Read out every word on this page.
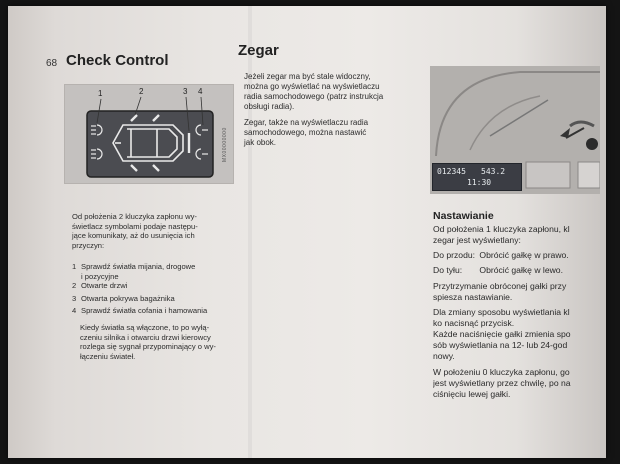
68 Check Control
1	2	3 4
MX00000000

Od położenia 2 kluczyka zapłonu wy-

świetlacz symbolami podaje następu-

jące komunikaty, aż do usunięcia ich

przyczyn:

1 Sprawdź światła mijania, drogowe
i pozycyjne
2 Otwarte drzwi
3 Otwarta pokrywa bagażnika
4 Sprawdź światła cofania i hamowania

Kiedy światła są włączone, to po wyłą-

czeniu silnika i otwarciu drzwi kierowcy

rozlega się sygnał przypominający o wy-

łączeniu świateł.

Zegar

Jeżeli zegar ma być stale widoczny,

można go wyświetlać na wyświetlaczu

radia samochodowego (patrz instrukcja

obsługi radia).

Zegar, także na wyświetlaczu radia

samochodowego, można nastawić

jak obok.

012345 543.2
11:30
Nastawianie
Od położenia 1 kluczyka zapłonu, kl
zegar jest wyświetlany:
Do przodu: Obrócić gałkę w prawo.
Do tyłu: Obrócić gałkę w lewo.
Przytrzymanie obróconej gałki przy
spiesza nastawianie.
Dla zmiany sposobu wyświetlania kl
ko nacisnąć przycisk.
Każde naciśnięcie gałki zmienia spo
sób wyświetlania na 12- lub 24-god
nowy.
W położeniu 0 kluczyka zapłonu, go
jest wyświetlany przez chwilę, po na
ciśnięciu lewej gałki.
